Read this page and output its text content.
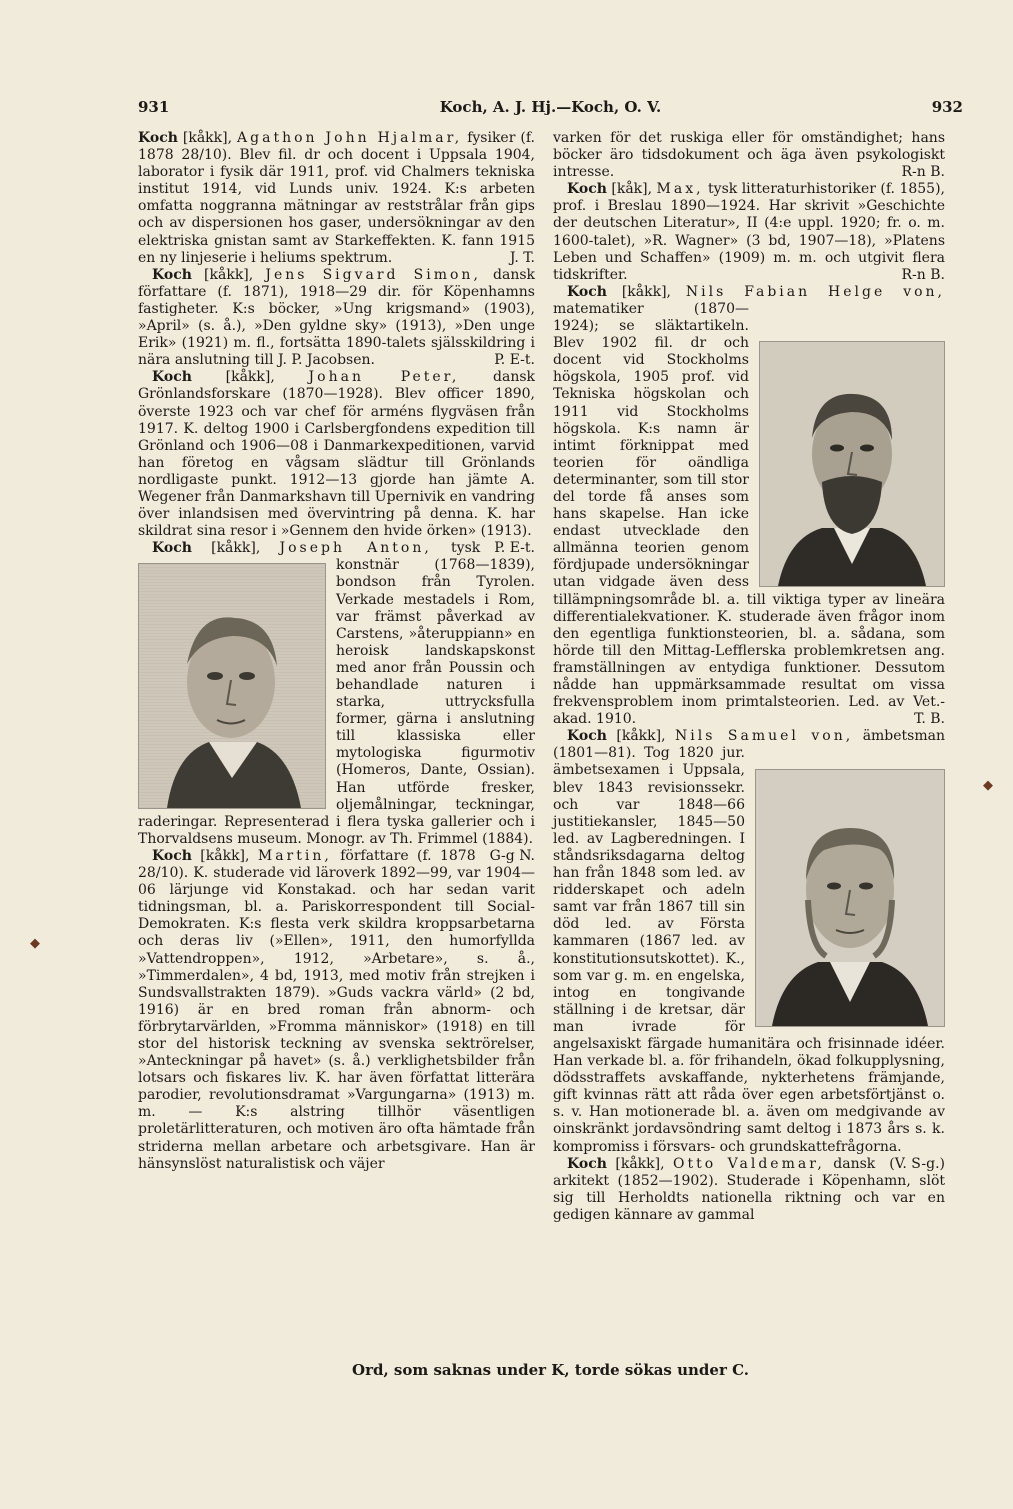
931	Koch, A. J. Hj.—Koch, O. V.	932

Koch [kåkk], Agathon John Hjalmar, fysiker (f. 1878 28/10). Blev fil. dr och docent i Uppsala 1904, laborator i fysik där 1911, prof. vid Chalmers tekniska institut 1914, vid Lunds univ. 1924. K:s arbeten omfatta noggranna mätningar av reststrålar från gips och av dispersionen hos gaser, undersökningar av den elektriska gnistan samt av Starkeffekten. K. fann 1915 en ny linjeserie i heliums spektrum.	J. T.

Koch [kåkk], Jens Sigvard Simon, dansk författare (f. 1871), 1918—29 dir. för Köpenhamns fastigheter. K:s böcker, »Ung krigsmand» (1903), »April» (s. å.), »Den gyldne sky» (1913), »Den unge Erik» (1921) m. fl., fortsätta 1890-talets själsskildring i nära anslutning till J. P. Jacobsen.	P. E-t.

Koch [kåkk], Johan Peter, dansk Grönlandsforskare (1870—1928). Blev officer 1890, överste 1923 och var chef för arméns flygväsen från 1917. K. deltog 1900 i Carlsbergfondens expedition till Grönland och 1906—08 i Danmarkexpeditionen, varvid han företog en vågsam slädtur till Grönlands nordligaste punkt. 1912—13 gjorde han jämte A. Wegener från Danmarkshavn till Upernivik en vandring över inlandsisen med övervintring på denna. K. har skildrat sina resor i »Gennem den hvide örken» (1913).
P. E-t.

Koch [kåkk], Joseph Anton, tysk konstnär (1768—1839), bondson från Tyrolen. Verkade mestadels i Rom, var främst påverkad av Carstens, »återuppiann» en heroisk landskapskonst med anor från Poussin och behandlade naturen i starka, uttrycksfulla former, gärna i anslutning till klassiska eller mytologiska figurmotiv (Homeros, Dante, Ossian). Han utförde fresker, oljemålningar, teckningar, raderingar. Representerad i flera tyska gallerier och i Thorvaldsens museum. Monogr. av Th. Frimmel (1884).
G-g N.

Koch [kåkk], Martin, författare (f. 1878 28/10). K. studerade vid läroverk 1892—99, var 1904—06 lärjunge vid Konstakad. och har sedan varit tidningsman, bl. a. Pariskorrespondent till Social-Demokraten. K:s flesta verk skildra kroppsarbetarna och deras liv (»Ellen», 1911, den humorfyllda »Vattendroppen», 1912, »Arbetare», s. å., »Timmerdalen», 4 bd, 1913, med motiv från strejken i Sundsvallstrakten 1879). »Guds vackra värld» (2 bd, 1916) är en bred roman från abnorm- och förbrytarvärlden, »Fromma människor» (1918) en till stor del historisk teckning av svenska sektrörelser, »Anteckningar på havet» (s. å.) verklighetsbilder från lotsars och fiskares liv. K. har även författat litterära parodier, revolutionsdramat »Vargungarna» (1913) m. m. — K:s alstring tillhör väsentligen proletärlitteraturen, och motiven äro ofta hämtade från striderna mellan arbetare och arbetsgivare. Han är hänsynslöst naturalistisk och väjer

varken för det ruskiga eller för omständighet; hans böcker äro tidsdokument och äga även psykologiskt intresse.	R-n B.

Koch [kåk], Max, tysk litteraturhistoriker (f. 1855), prof. i Breslau 1890—1924. Har skrivit »Geschichte der deutschen Literatur», II (4:e uppl. 1920; fr. o. m. 1600-talet), »R. Wagner» (3 bd, 1907—18), »Platens Leben und Schaffen» (1909) m. m. och utgivit flera tidskrifter.	R-n B.

Koch [kåkk], Nils Fabian Helge von,
matematiker (1870—1924); se släktartikeln. Blev 1902 fil. dr och docent vid Stockholms högskola, 1905 prof. vid Tekniska högskolan och 1911 vid Stockholms högskola. K:s namn är intimt förknippat med teorien för oändliga determinanter, som till stor del torde få anses som hans skapelse. Han icke endast utvecklade den allmänna teorien genom fördjupade undersökningar utan vidgade även dess tillämpningsområde bl. a. till viktiga typer av lineära differentialekvationer. K. studerade även frågor inom den egentliga funktionsteorien, bl. a. sådana, som hörde till den Mittag-Lefflerska problemkretsen ang. framställningen av entydiga funktioner. Dessutom nådde han uppmärksammade resultat om vissa frekvensproblem inom primtalsteorien. Led. av Vet.-akad. 1910.	T. B.

Koch [kåkk], Nils Samuel von, ämbetsman (1801—81). Tog 1820 jur. ämbetsexamen i Uppsala, blev 1843 revisionssekr. och var 1848—66 justitiekansler, 1845—50 led. av Lagberedningen. I ståndsriksdagarna deltog han från 1848 som led. av ridderskapet och adeln samt var från 1867 till sin död led. av Första kammaren (1867 led. av konstitutionsutskottet). K., som var g. m. en engelska, intog en tongivande ställning i de kretsar, där man ivrade för angelsaxiskt färgade humanitära och frisinnade idéer. Han verkade bl. a. för frihandeln, ökad folkupplysning, dödsstraffets avskaffande, nykterhetens främjande, gift kvinnas rätt att råda över egen arbetsförtjänst o. s. v. Han motionerade bl. a. även om medgivande av oinskränkt jordavsöndring samt deltog i 1873 års s. k. kompromiss i försvars- och grundskattefrågorna.
(V. S-g.)

Koch [kåkk], Otto Valdemar, dansk arkitekt (1852—1902). Studerade i Köpenhamn, slöt sig till Herholdts nationella riktning och var en gedigen kännare av gammal

Ord, som saknas under K, torde sökas under C.
◆
◆
